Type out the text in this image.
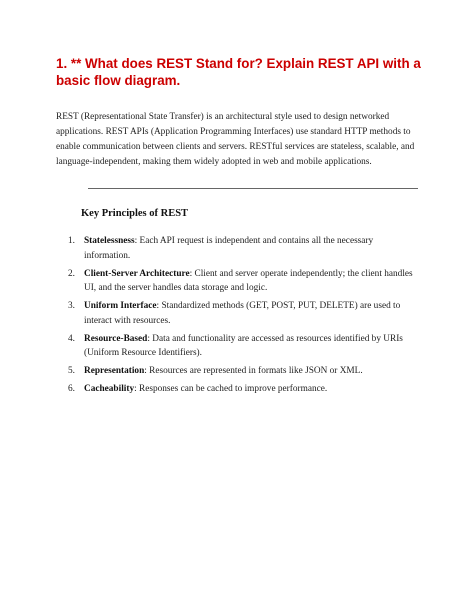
1. ** What does REST Stand for? Explain REST API with a basic flow diagram.

REST (Representational State Transfer) is an architectural style used to design networked applications. REST APIs (Application Programming Interfaces) use standard HTTP methods to enable communication between clients and servers. RESTful services are stateless, scalable, and language-independent, making them widely adopted in web and mobile applications.

Key Principles of REST
1. Statelessness: Each API request is independent and contains all the necessary information.
2. Client-Server Architecture: Client and server operate independently; the client handles UI, and the server handles data storage and logic.
3. Uniform Interface: Standardized methods (GET, POST, PUT, DELETE) are used to interact with resources.
4. Resource-Based: Data and functionality are accessed as resources identified by URIs (Uniform Resource Identifiers).
5. Representation: Resources are represented in formats like JSON or XML.
6. Cacheability: Responses can be cached to improve performance.
